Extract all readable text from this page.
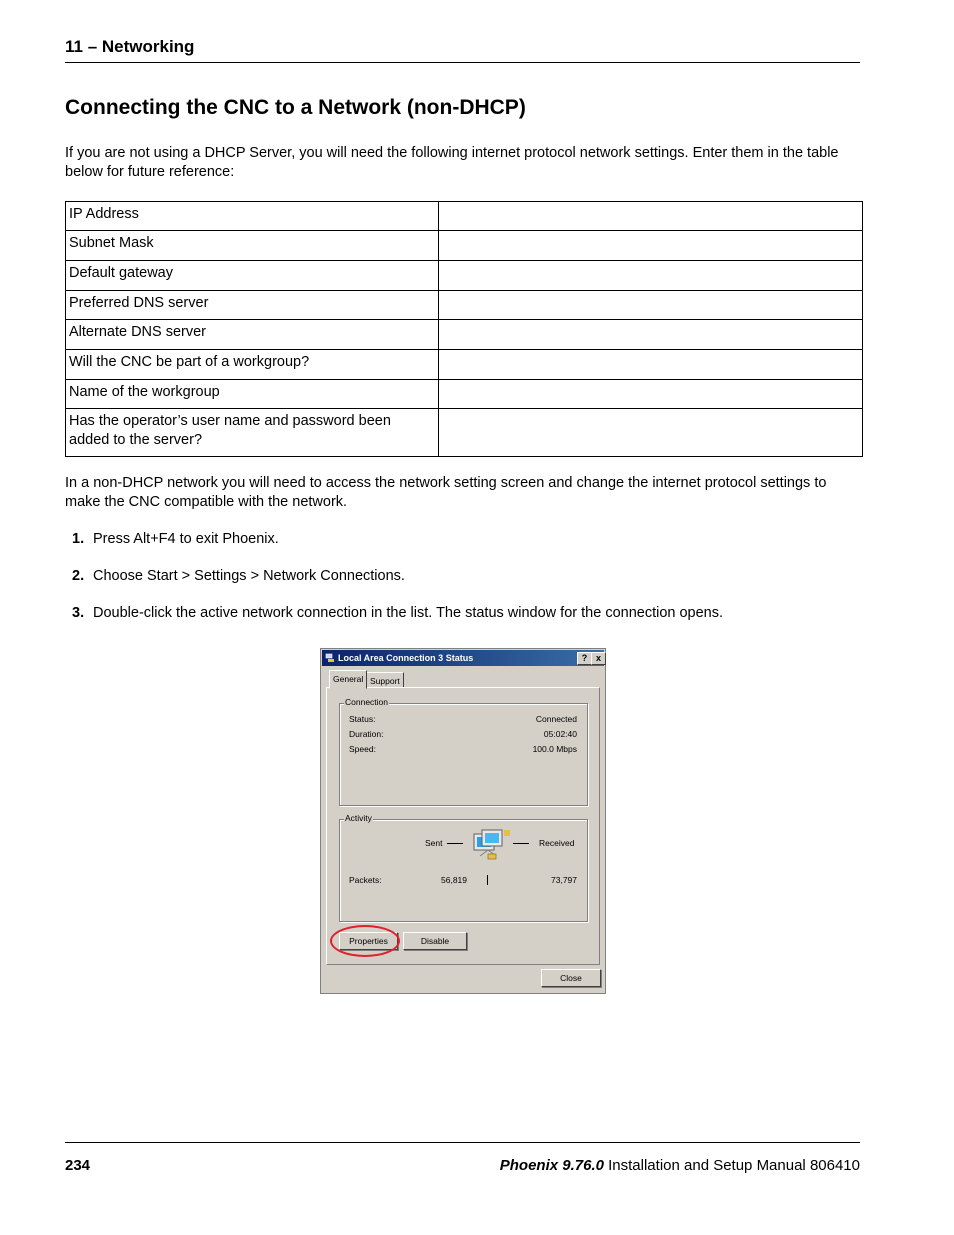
11 – Networking
Connecting the CNC to a Network (non-DHCP)
If you are not using a DHCP Server, you will need the following internet protocol network settings. Enter them in the table below for future reference:
IP Address	
Subnet Mask	
Default gateway	
Preferred DNS server	
Alternate DNS server	
Will the CNC be part of a workgroup?	
Name of the workgroup	
Has the operator’s user name and password been added to the server?	
In a non-DHCP network you will need to access the network setting screen and change the internet protocol settings to make the CNC compatible with the network.
1. Press Alt+F4 to exit Phoenix.
2. Choose Start > Settings > Network Connections.
3. Double-click the active network connection in the list. The status window for the connection opens.
Local Area Connection 3 Status	? x
General Support
Connection
Status:	Connected
Duration:	05:02:40
Speed:	100.0 Mbps
Activity
Sent	Received
Packets:	56,819	73,797
Properties	Disable
Close
234	Phoenix 9.76.0 Installation and Setup Manual 806410
